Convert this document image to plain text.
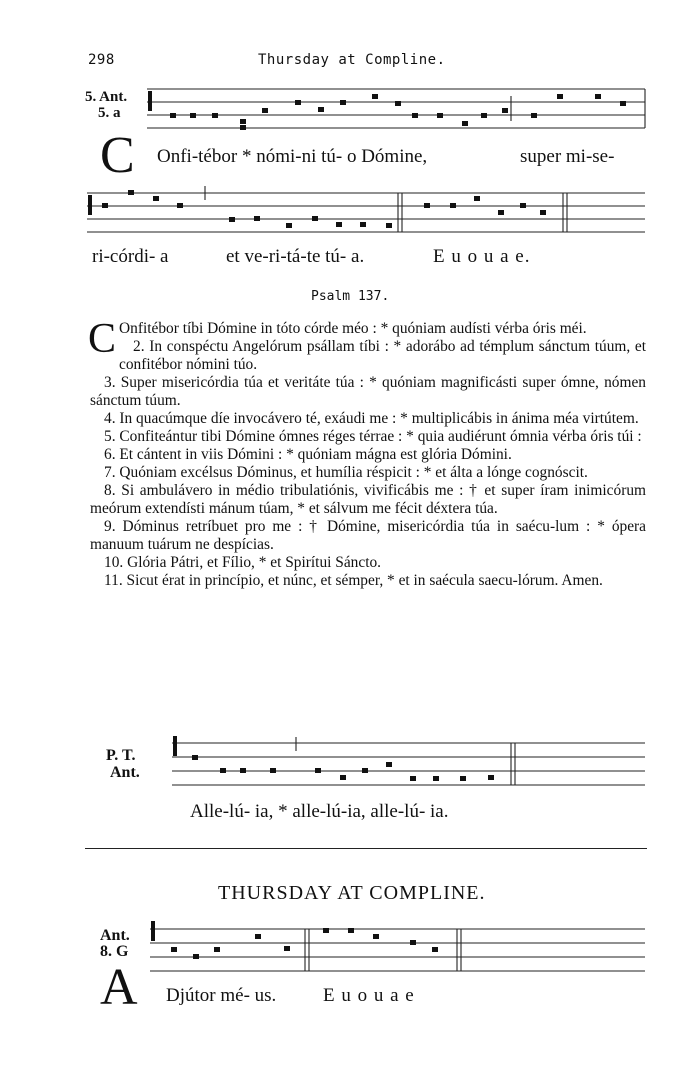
298	Thursday at Compline.
5. Ant.
5. a
C Onfi-tébor * nómi-ni tú- o Dómine,	super mi-se-
ri-córdi- a	et ve-ri-tá-te tú- a.	E u o u a e.
Psalm 137.

C Onfitébor tíbi Dómine in tóto córde méo : * quóniam audísti vérba óris méi.

2. In conspéctu Angelórum psállam tíbi : * adorábo ad témplum sánctum túum, et confitébor nómini túo.

3. Super misericórdia túa et veritáte túa : * quóniam magnificásti super ómne, nómen sánctum túum.

4. In quacúmque díe invocávero té, exáudi me : * multiplicábis in ánima méa virtútem.

5. Confiteántur tibi Dómine ómnes réges térrae : * quia audiérunt ómnia vérba óris túi :

6. Et cántent in viis Dómini : * quóniam mágna est glória Dómini.

7. Quóniam excélsus Dóminus, et humília réspicit : * et álta a lónge cognóscit.

8. Si ambulávero in médio tribulatiónis, vivificábis me : † et super íram inimicórum meórum extendísti mánum túam, * et sálvum me fécit déxtera túa.

9. Dóminus retríbuet pro me : † Dómine, misericórdia túa in saécu-lum : * ópera manuum tuárum ne despícias.

10. Glória Pátri, et Fílio, * et Spirítui Sáncto.

11. Sicut érat in princípio, et núnc, et sémper, * et in saécula saecu-lórum. Amen.

P. T.
Ant.
Alle-lú- ia, * alle-lú-ia, alle-lú- ia.
THURSDAY AT COMPLINE.
Ant.
8. G
A Djútor mé- us. E u o u a e
